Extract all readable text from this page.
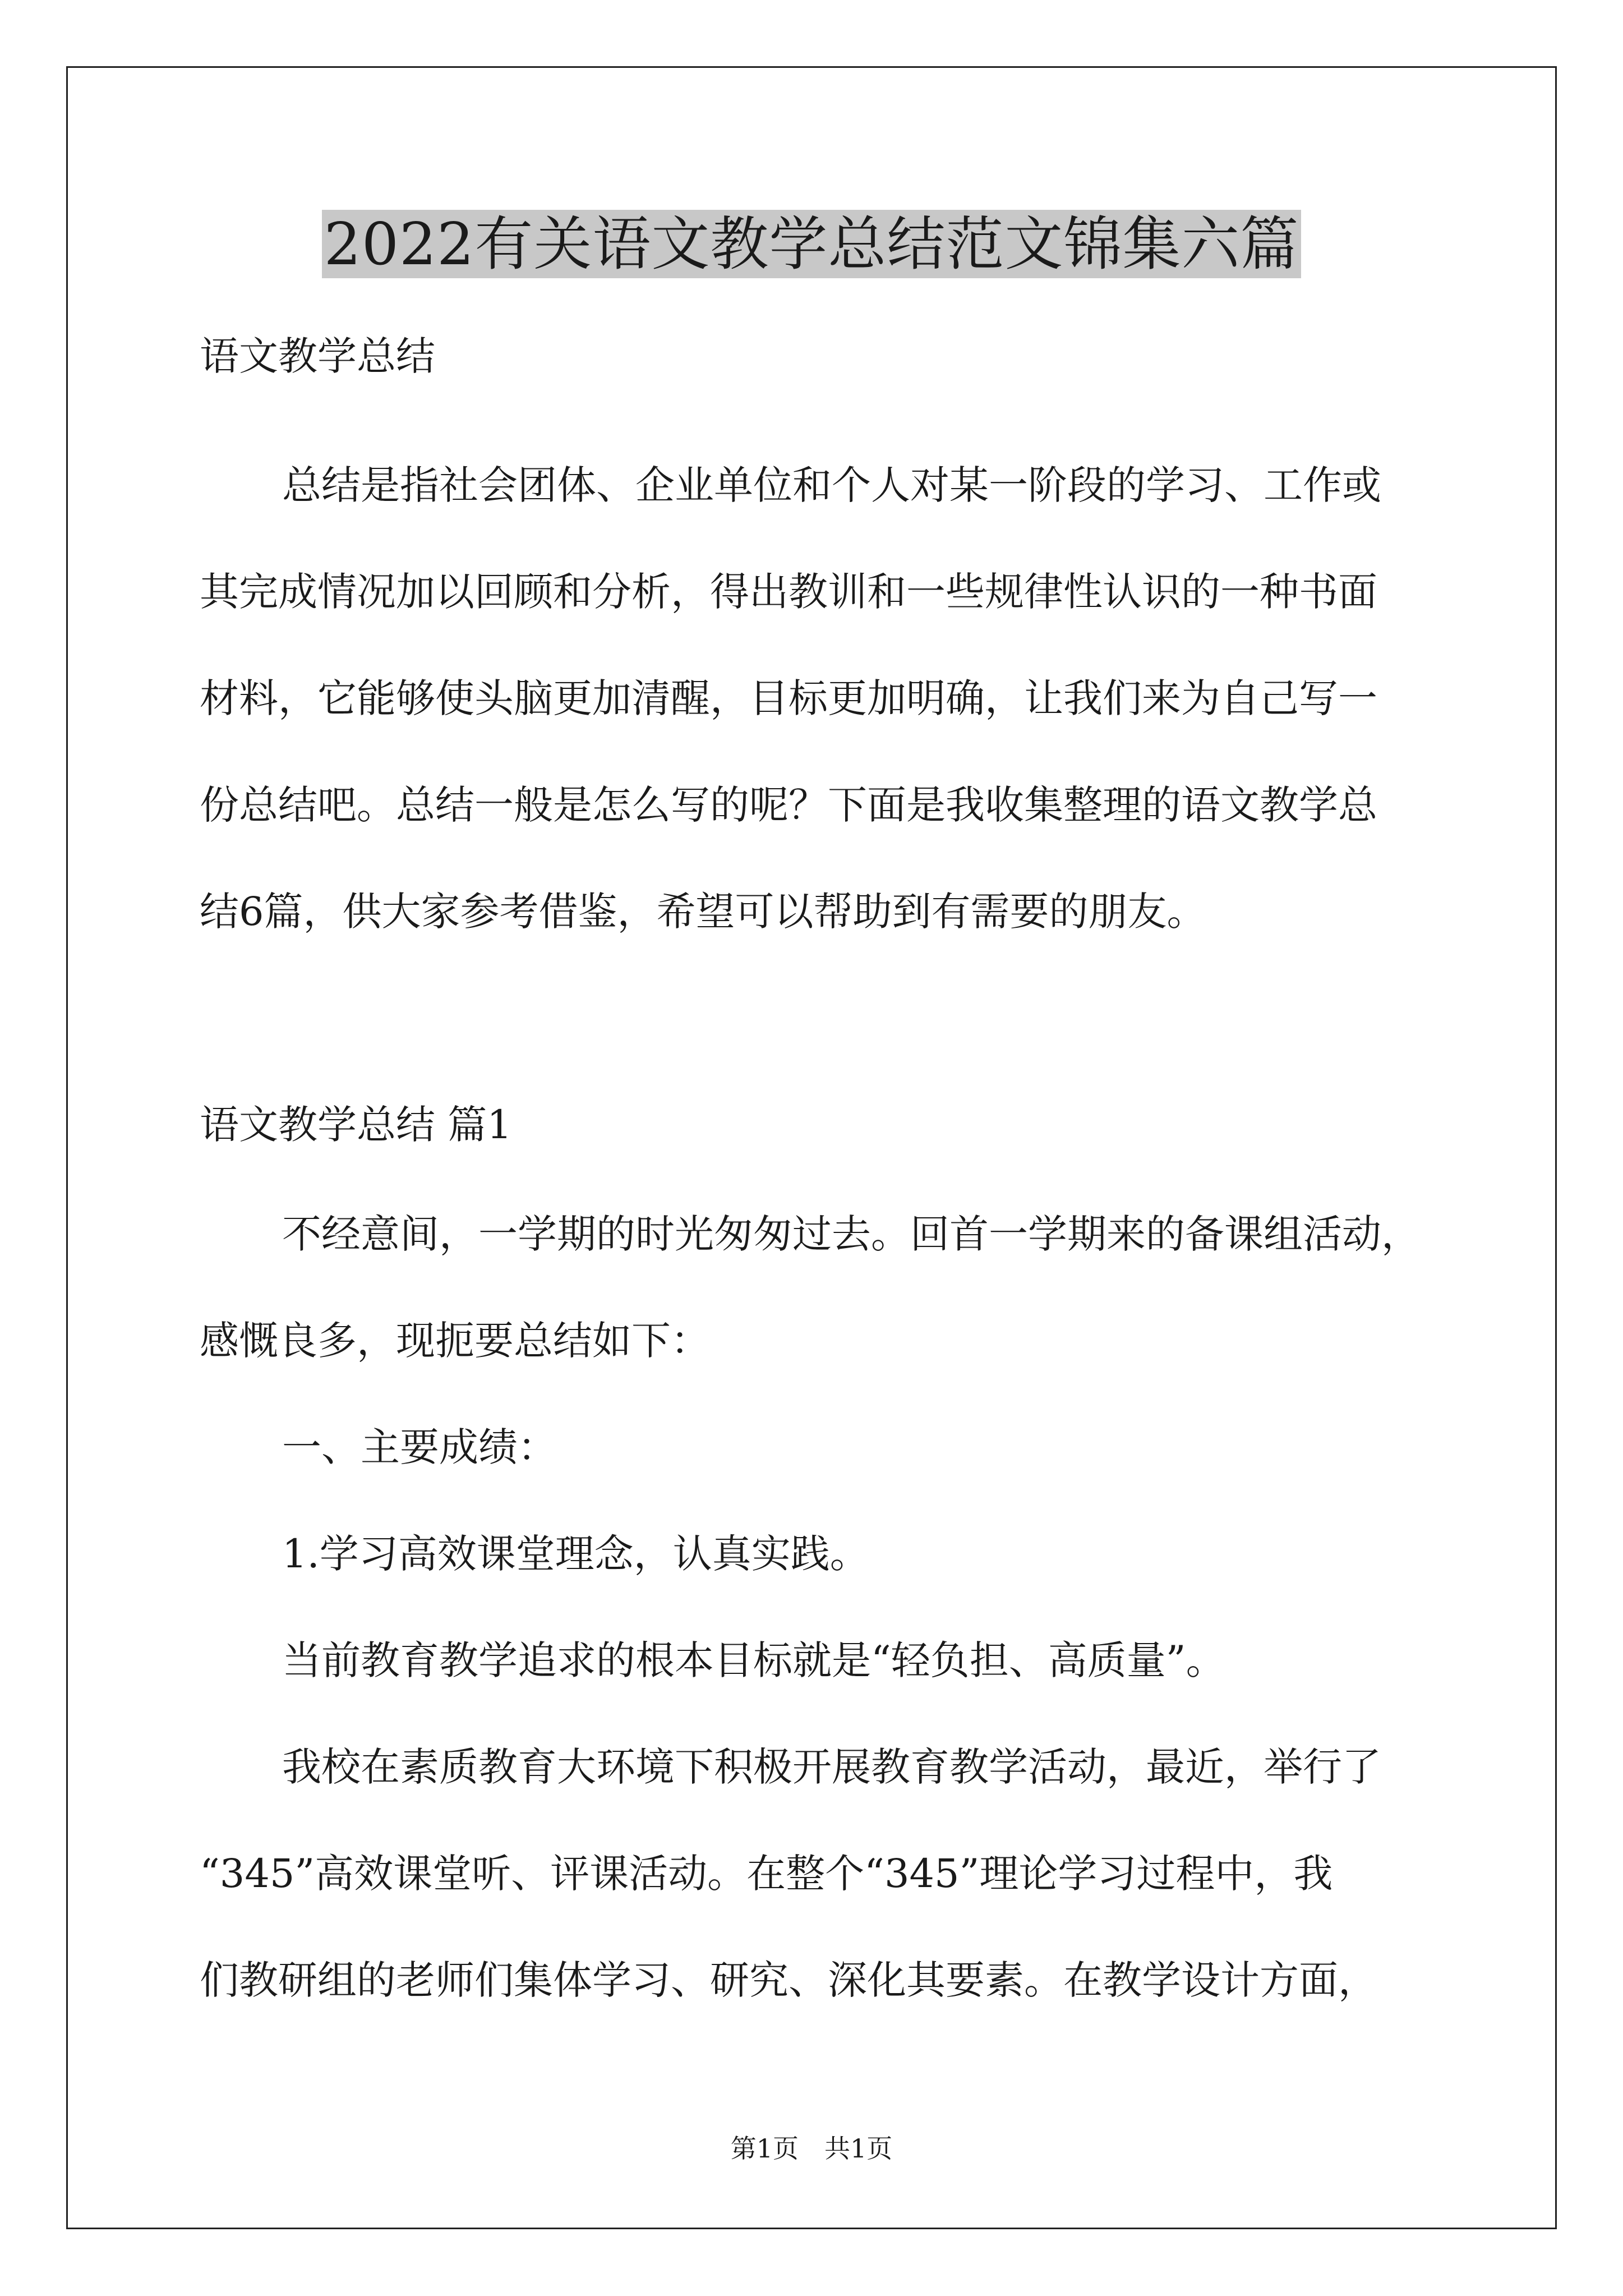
2022有关语文教学总结范文锦集六篇
语文教学总结
总结是指社会团体、企业单位和个人对某一阶段的学习、工作或
其完成情况加以回顾和分析，得出教训和一些规律性认识的一种书面
材料，它能够使头脑更加清醒，目标更加明确，让我们来为自己写一
份总结吧。总结一般是怎么写的呢？下面是我收集整理的语文教学总
结6篇，供大家参考借鉴，希望可以帮助到有需要的朋友。
语文教学总结 篇1
不经意间，一学期的时光匆匆过去。回首一学期来的备课组活动，
感慨良多，现扼要总结如下：
一、主要成绩：
1.学习高效课堂理念，认真实践。
当前教育教学追求的根本目标就是“轻负担、高质量”。
我校在素质教育大环境下积极开展教育教学活动，最近，举行了
“345”高效课堂听、评课活动。在整个“345”理论学习过程中，我
们教研组的老师们集体学习、研究、深化其要素。在教学设计方面，
第1页　共1页
